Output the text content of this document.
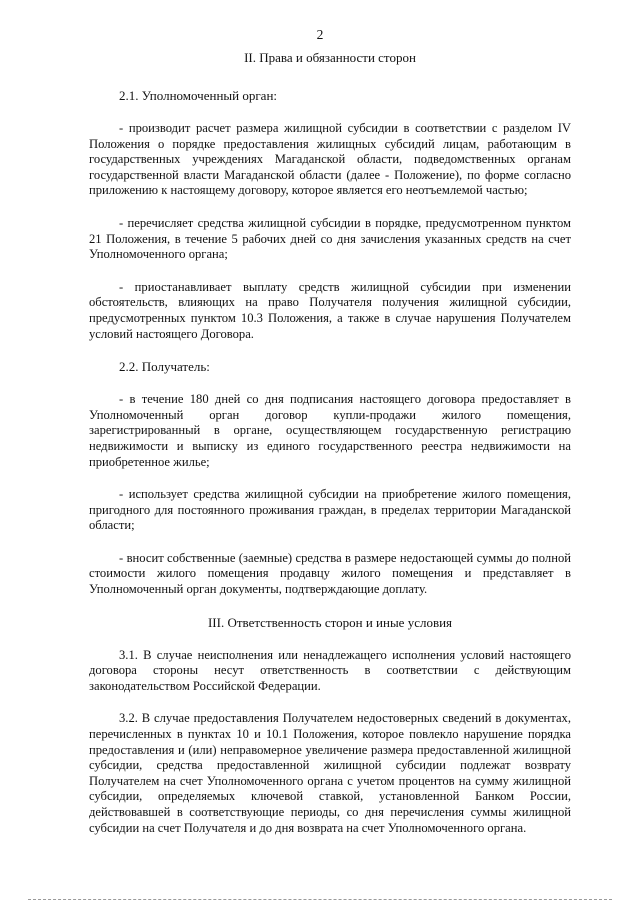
2

II. Права и обязанности сторон

2.1. Уполномоченный орган:

- производит расчет размера жилищной субсидии в соответствии с разделом IV Положения о порядке предоставления жилищных субсидий лицам, работающим в государственных учреждениях Магаданской области, подведомственных органам государственной власти Магаданской области (далее - Положение), по форме согласно приложению к настоящему договору, которое является его неотъемлемой частью;

- перечисляет средства жилищной субсидии в порядке, предусмотренном пунктом 21 Положения, в течение 5 рабочих дней со дня зачисления указанных средств на счет Уполномоченного органа;

- приостанавливает выплату средств жилищной субсидии при изменении обстоятельств, влияющих на право Получателя получения жилищной субсидии, предусмотренных пунктом 10.3 Положения, а также в случае нарушения Получателем условий настоящего Договора.

2.2. Получатель:

- в течение 180 дней со дня подписания настоящего договора предоставляет в Уполномоченный орган договор купли-продажи жилого помещения, зарегистрированный в органе, осуществляющем государственную регистрацию недвижимости и выписку из единого государственного реестра недвижимости на приобретенное жилье;

- использует средства жилищной субсидии на приобретение жилого помещения, пригодного для постоянного проживания граждан, в пределах территории Магаданской области;

- вносит собственные (заемные) средства в размере недостающей суммы до полной стоимости жилого помещения продавцу жилого помещения и представляет в Уполномоченный орган документы, подтверждающие доплату.

III. Ответственность сторон и иные условия

3.1. В случае неисполнения или ненадлежащего исполнения условий настоящего договора стороны несут ответственность в соответствии с действующим законодательством Российской Федерации.

3.2. В случае предоставления Получателем недостоверных сведений в документах, перечисленных в пунктах 10 и 10.1 Положения, которое повлекло нарушение порядка предоставления и (или) неправомерное увеличение размера предоставленной жилищной субсидии, средства предоставленной жилищной субсидии подлежат возврату Получателем на счет Уполномоченного органа с учетом процентов на сумму жилищной субсидии, определяемых ключевой ставкой, установленной Банком России, действовавшей в соответствующие периоды, со дня перечисления суммы жилищной субсидии на счет Получателя и до дня возврата на счет Уполномоченного органа.
